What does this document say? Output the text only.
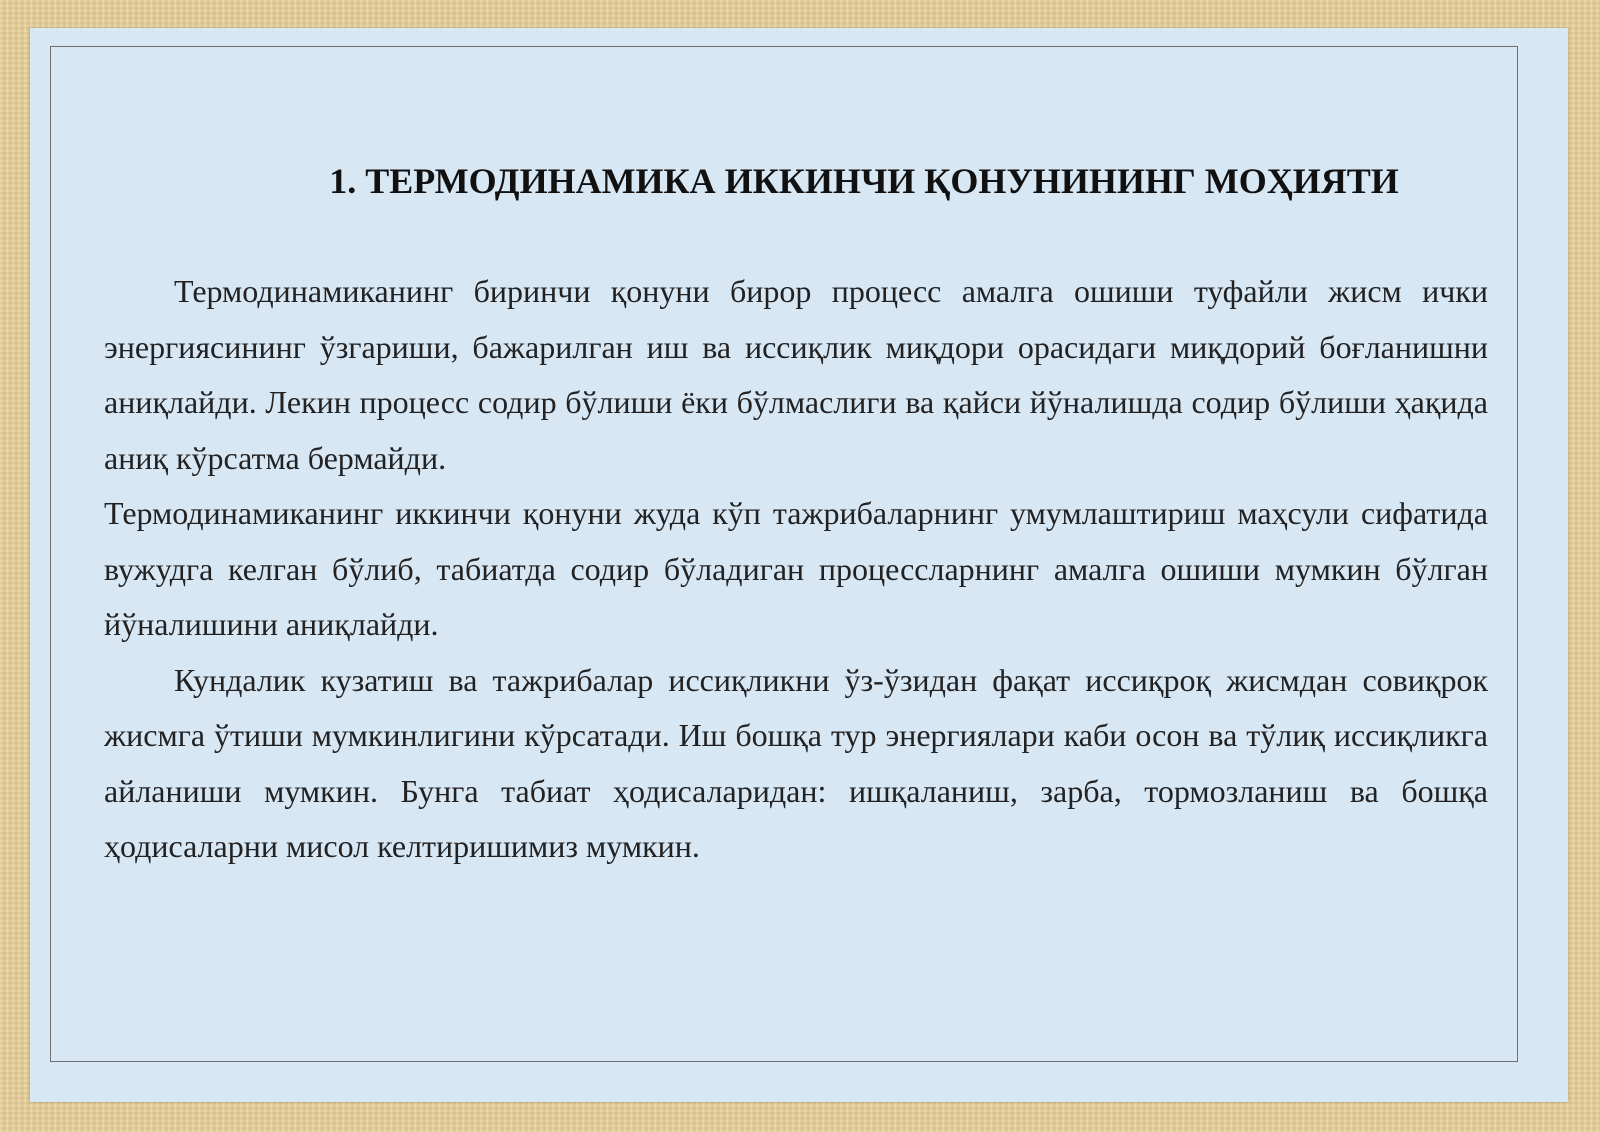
1. ТЕРМОДИНАМИКА ИККИНЧИ ҚОНУНИНИНГ МОҲИЯТИ

Термодинамиканинг биринчи қонуни бирор процесс амалга ошиши туфайли жисм ички энергиясининг ўзгариши, бажарилган иш ва иссиқлик миқдори орасидаги миқдорий боғланишни аниқлайди. Лекин процесс содир бўлиши ёки бўлмаслиги ва қайси йўналишда содир бўлиши ҳақида аниқ кўрсатма бермайди.

Термодинамиканинг иккинчи қонуни жуда кўп тажрибаларнинг умумлаштириш маҳсули сифатида вужудга келган бўлиб, табиатда содир бўладиган процессларнинг амалга ошиши мумкин бўлган йўналишини аниқлайди.

Кундалик кузатиш ва тажрибалар иссиқликни ўз-ўзидан фақат иссиқроқ жисмдан совиқрок жисмга ўтиши мумкинлигини кўрсатади. Иш бошқа тур энергиялари каби осон ва тўлиқ иссиқликга айланиши мумкин. Бунга табиат ҳодисаларидан: ишқаланиш, зарба, тормозланиш ва бошқа ҳодисаларни мисол келтиришимиз мумкин.
